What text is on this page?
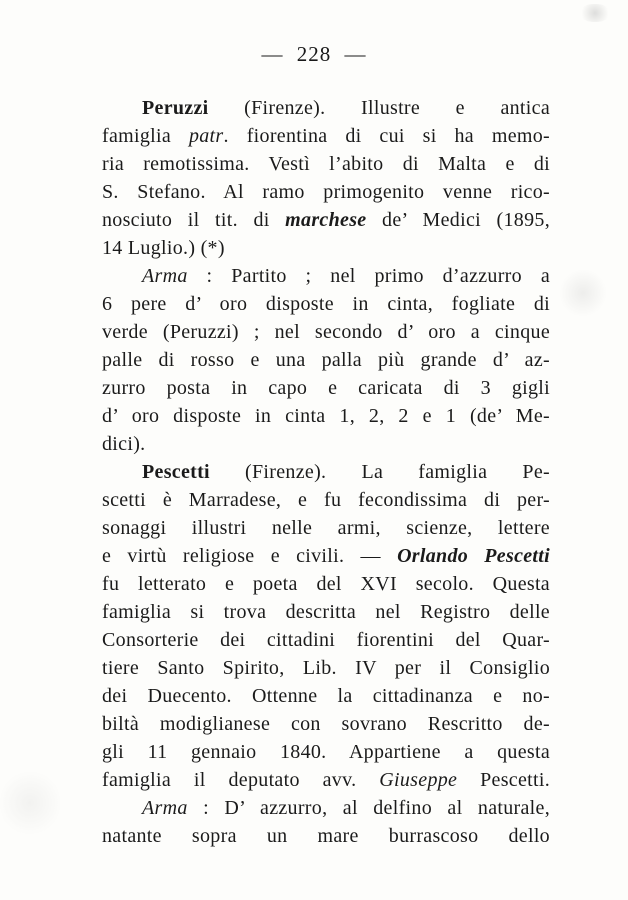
— 228 —
Peruzzi (Firenze). Illustre e antica
famiglia patr. fiorentina di cui si ha memo-
ria remotissima. Vestì l’abito di Malta e di
S. Stefano. Al ramo primogenito venne rico-
nosciuto il tit. di marchese de’ Medici (1895,
14 Luglio.) (*)
Arma : Partito ; nel primo d’azzurro a
6 pere d’ oro disposte in cinta, fogliate di
verde (Peruzzi) ; nel secondo d’ oro a cinque
palle di rosso e una palla più grande d’ az-
zurro posta in capo e caricata di 3 gigli
d’ oro disposte in cinta 1, 2, 2 e 1 (de’ Me-
dici).
Pescetti (Firenze). La famiglia Pe-
scetti è Marradese, e fu fecondissima di per-
sonaggi illustri nelle armi, scienze, lettere
e virtù religiose e civili. — Orlando Pescetti
fu letterato e poeta del XVI secolo. Questa
famiglia si trova descritta nel Registro delle
Consorterie dei cittadini fiorentini del Quar-
tiere Santo Spirito, Lib. IV per il Consiglio
dei Duecento. Ottenne la cittadinanza e no-
biltà modiglianese con sovrano Rescritto de-
gli 11 gennaio 1840. Appartiene a questa
famiglia il deputato avv. Giuseppe Pescetti.
Arma : D’ azzurro, al delfino al naturale,
natante sopra un mare burrascoso dello
